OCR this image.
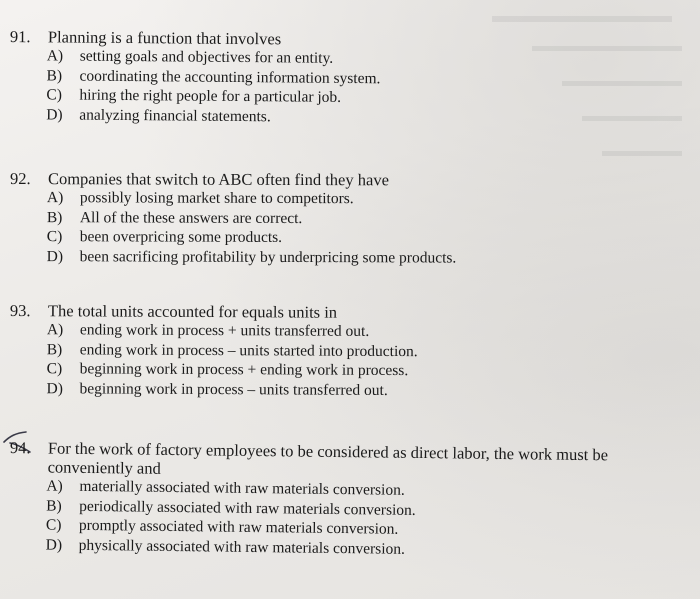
91.	Planning is a function that involves
A)	setting goals and objectives for an entity.
B)	coordinating the accounting information system.
C)	hiring the right people for a particular job.
D)	analyzing financial statements.
92.	Companies that switch to ABC often find they have
A)	possibly losing market share to competitors.
B)	All of the these answers are correct.
C)	been overpricing some products.
D)	been sacrificing profitability by underpricing some products.
93.	The total units accounted for equals units in
A)	ending work in process + units transferred out.
B)	ending work in process – units started into production.
C)	beginning work in process + ending work in process.
D)	beginning work in process – units transferred out.
94.	For the work of factory employees to be considered as direct labor, the work must be conveniently and
A)	materially associated with raw materials conversion.
B)	periodically associated with raw materials conversion.
C)	promptly associated with raw materials conversion.
D)	physically associated with raw materials conversion.
